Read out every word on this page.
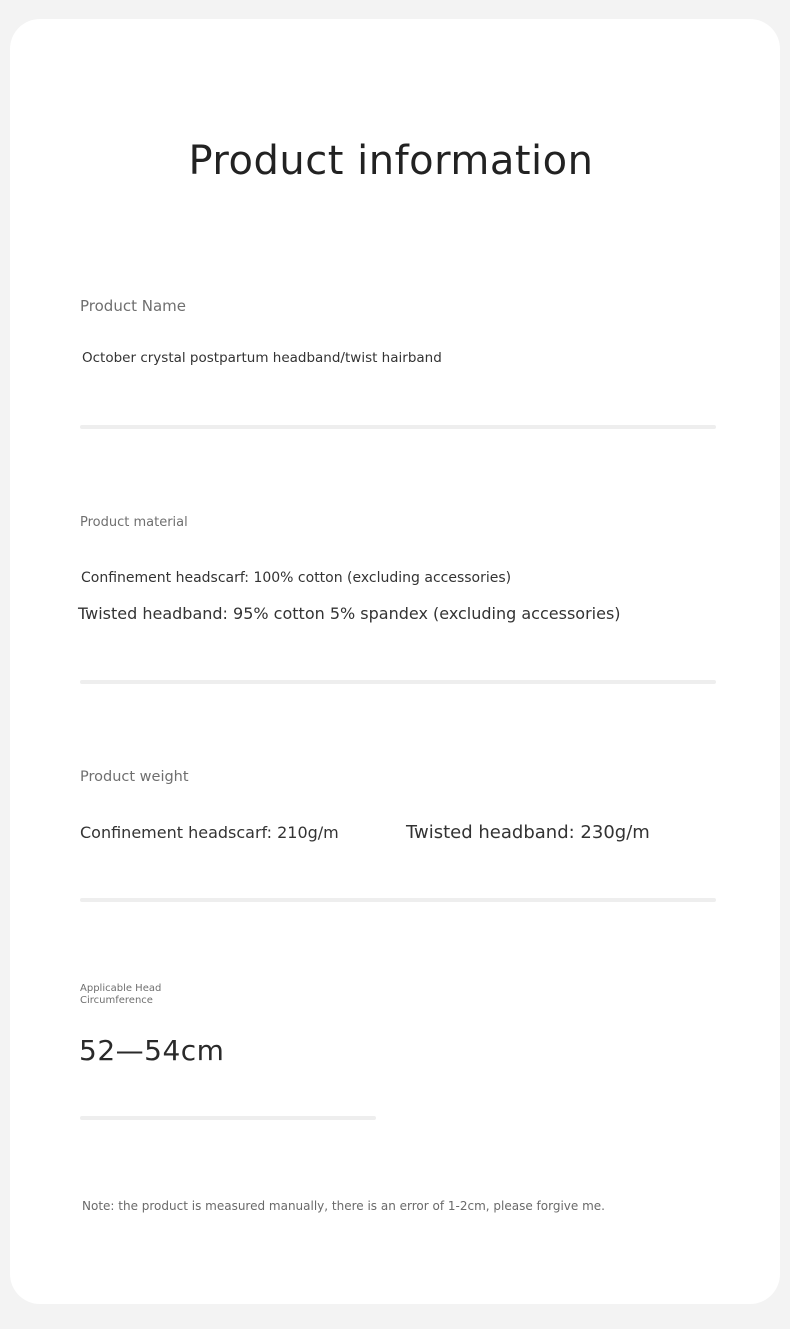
Product information
Product Name
October crystal postpartum headband/twist hairband
Product material
Confinement headscarf: 100% cotton (excluding accessories)
Twisted headband: 95% cotton 5% spandex (excluding accessories)
Product weight
Confinement headscarf: 210g/m	Twisted headband: 230g/m
Applicable Head
Circumference
52—54cm
Note: the product is measured manually, there is an error of 1-2cm, please forgive me.
